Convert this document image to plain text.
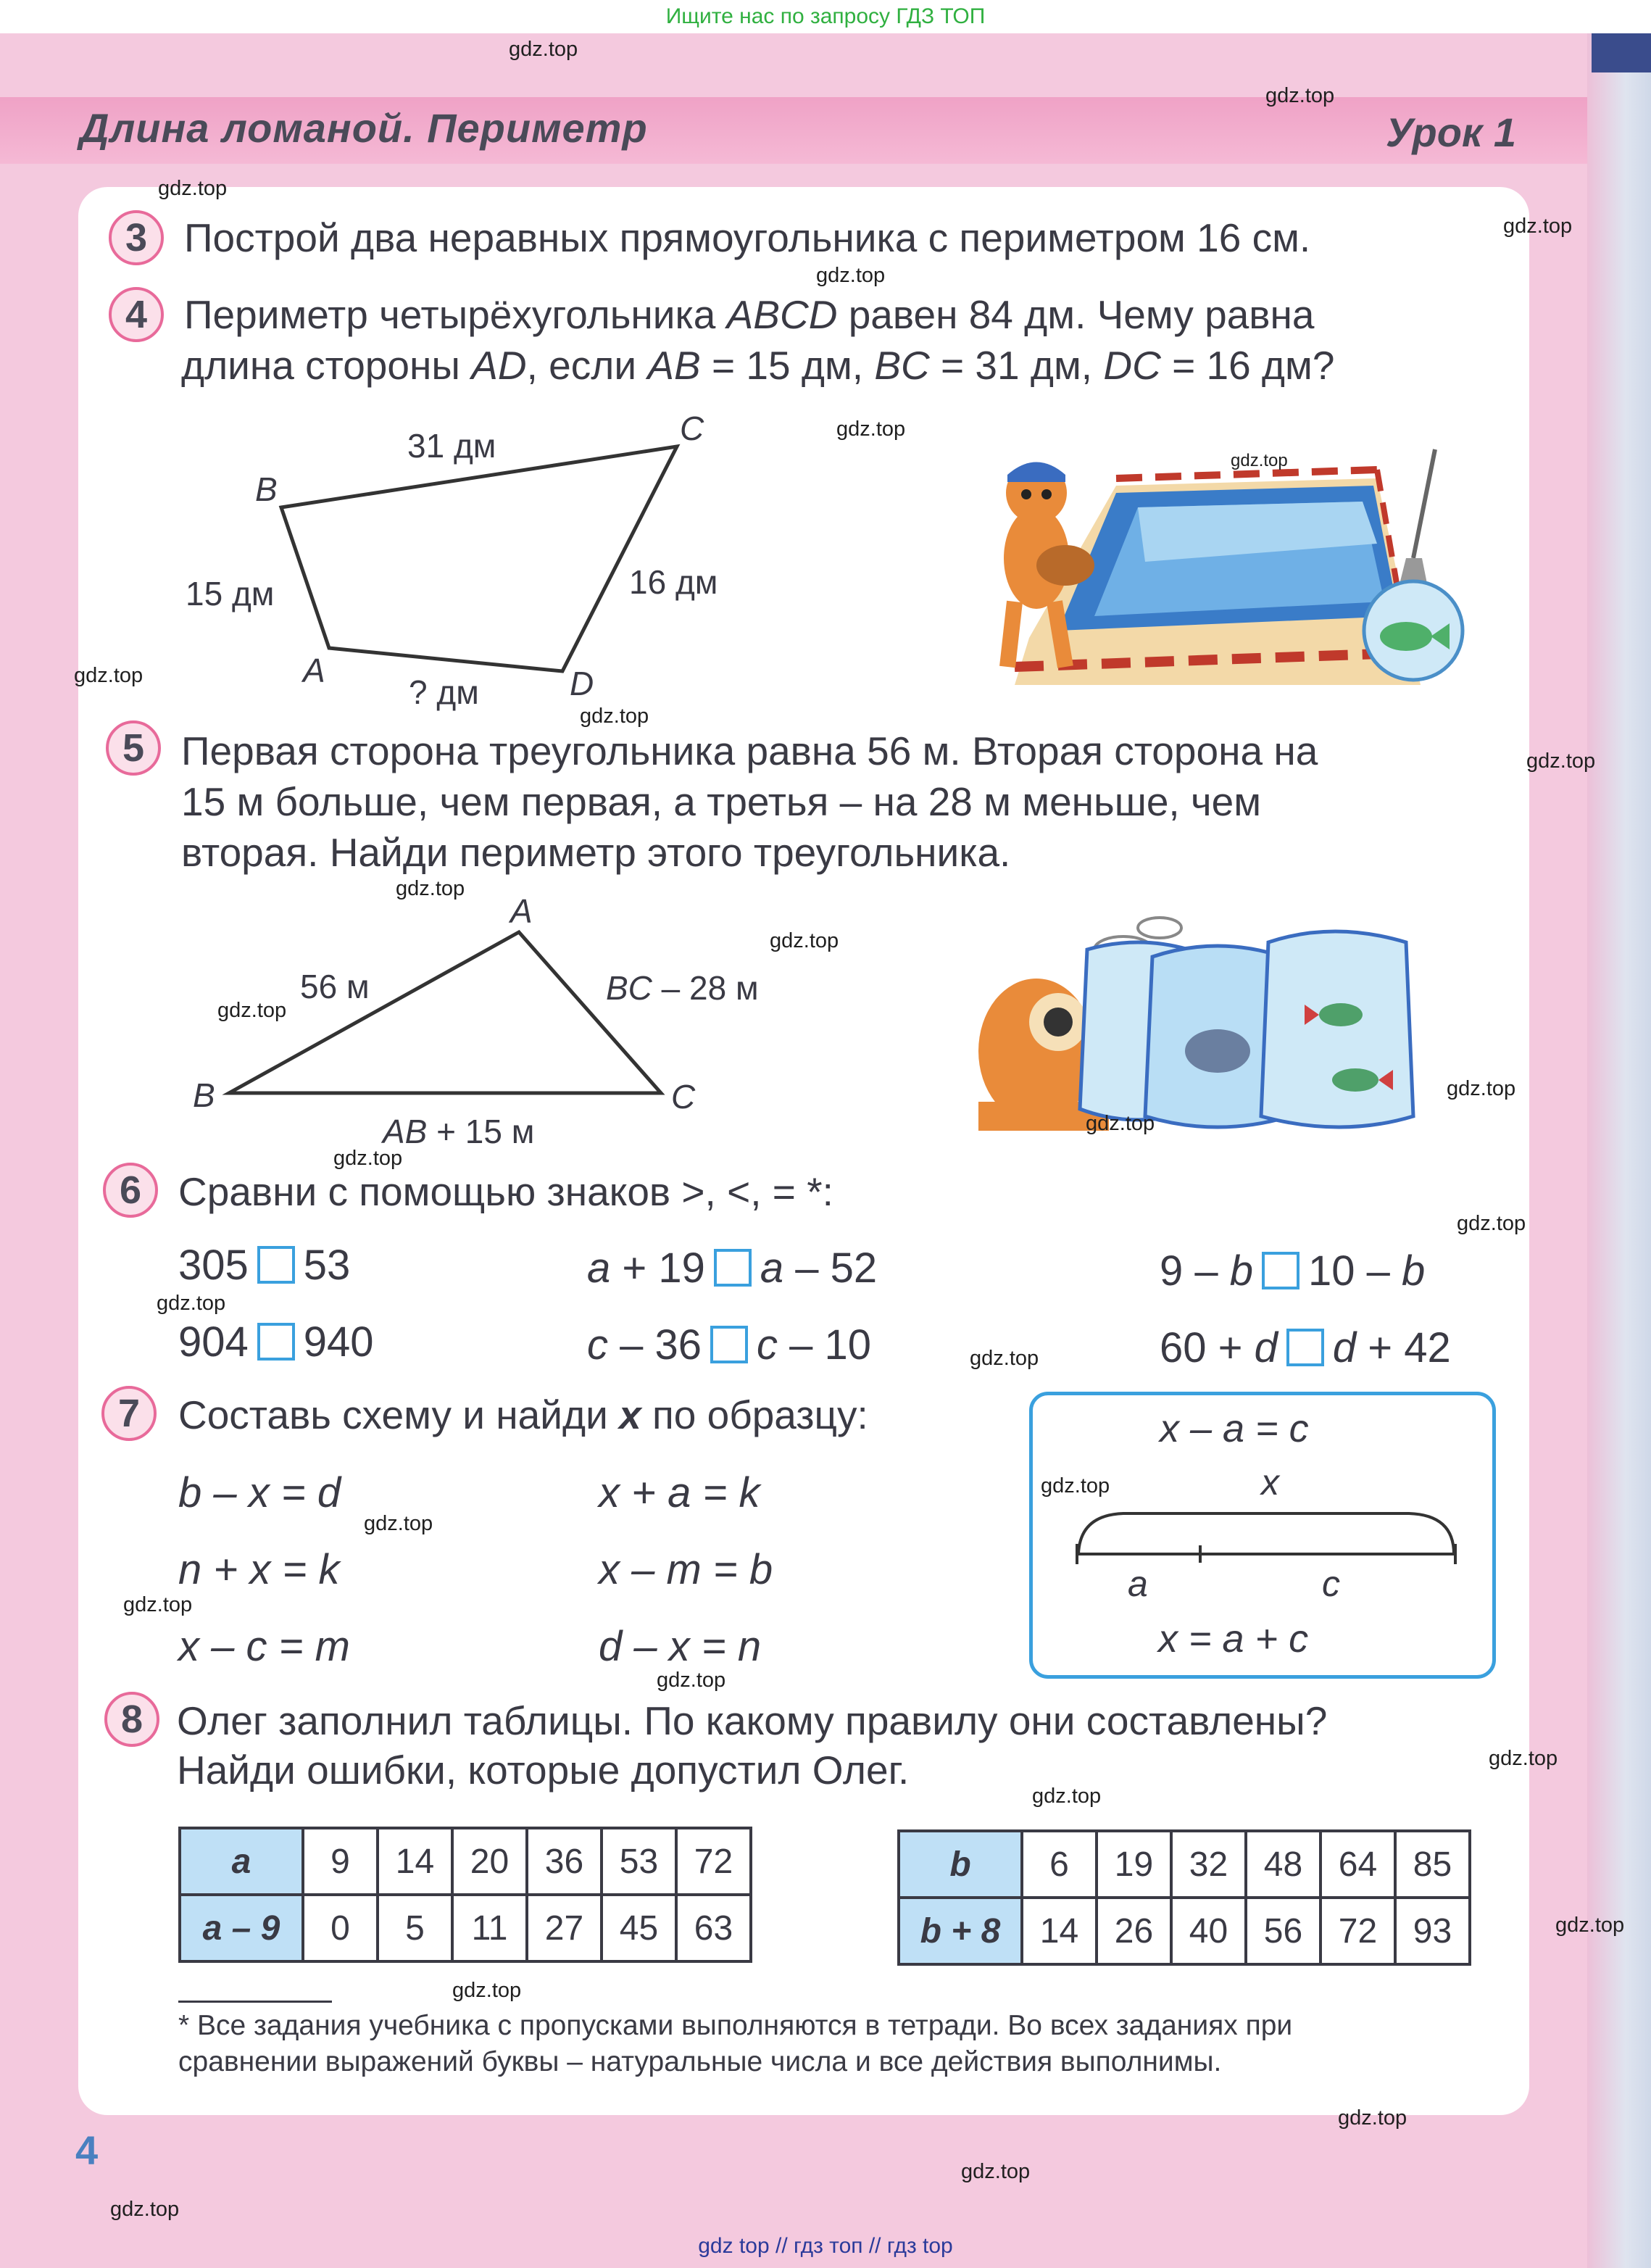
Ищите нас по запросу ГДЗ ТОП
Длина ломаной. Периметр	Урок 1
3 Построй два неравных прямоугольника с периметром 16 см.
4 Периметр четырёхугольника ABCD равен 84 дм. Чему равна
длина стороны AD, если AB = 15 дм, BC = 31 дм, DC = 16 дм?
B
C
A	D
31 дм
15 дм	16 дм
? дм
5 Первая сторона треугольника равна 56 м. Вторая сторона на
15 м больше, чем первая, а третья – на 28 м меньше, чем
вторая. Найди периметр этого треугольника.
A
B	C
56 м	BC – 28 м
AB + 15 м
6 Сравни с помощью знаков >, <, = *:
305 53
904 940
a + 19 a – 52
c – 36 c – 10
9 – b 10 – b
60 + d d + 42
7 Составь схему и найди x по образцу:
b – x = d
n + x = k
x – c = m
x + a = k
x – m = b
d – x = n
x – a = c
x
a	c
x = a + c
8 Олег заполнил таблицы. По какому правилу они составлены?
Найди ошибки, которые допустил Олег.
a	9	14	20	36	53	72
a – 9	0	5	11	27	45	63
b	6	19	32	48	64	85
b + 8	14	26	40	56	72	93
* Все задания учебника с пропусками выполняются в тетради. Во всех заданиях при
сравнении выражений буквы – натуральные числа и все действия выполнимы.
4
gdz top // гдз топ // гдз top
gdz.top
gdz.top
gdz.top
gdz.top
gdz.top
gdz.top
gdz.top
gdz.top
gdz.top
gdz.top
gdz.top
gdz.top
gdz.top
gdz.top
gdz.top
gdz.top
gdz.top
gdz.top
gdz.top
gdz.top
gdz.top
gdz.top
gdz.top
gdz.top
gdz.top
gdz.top
gdz.top
gdz.top
gdz.top
gdz.top
